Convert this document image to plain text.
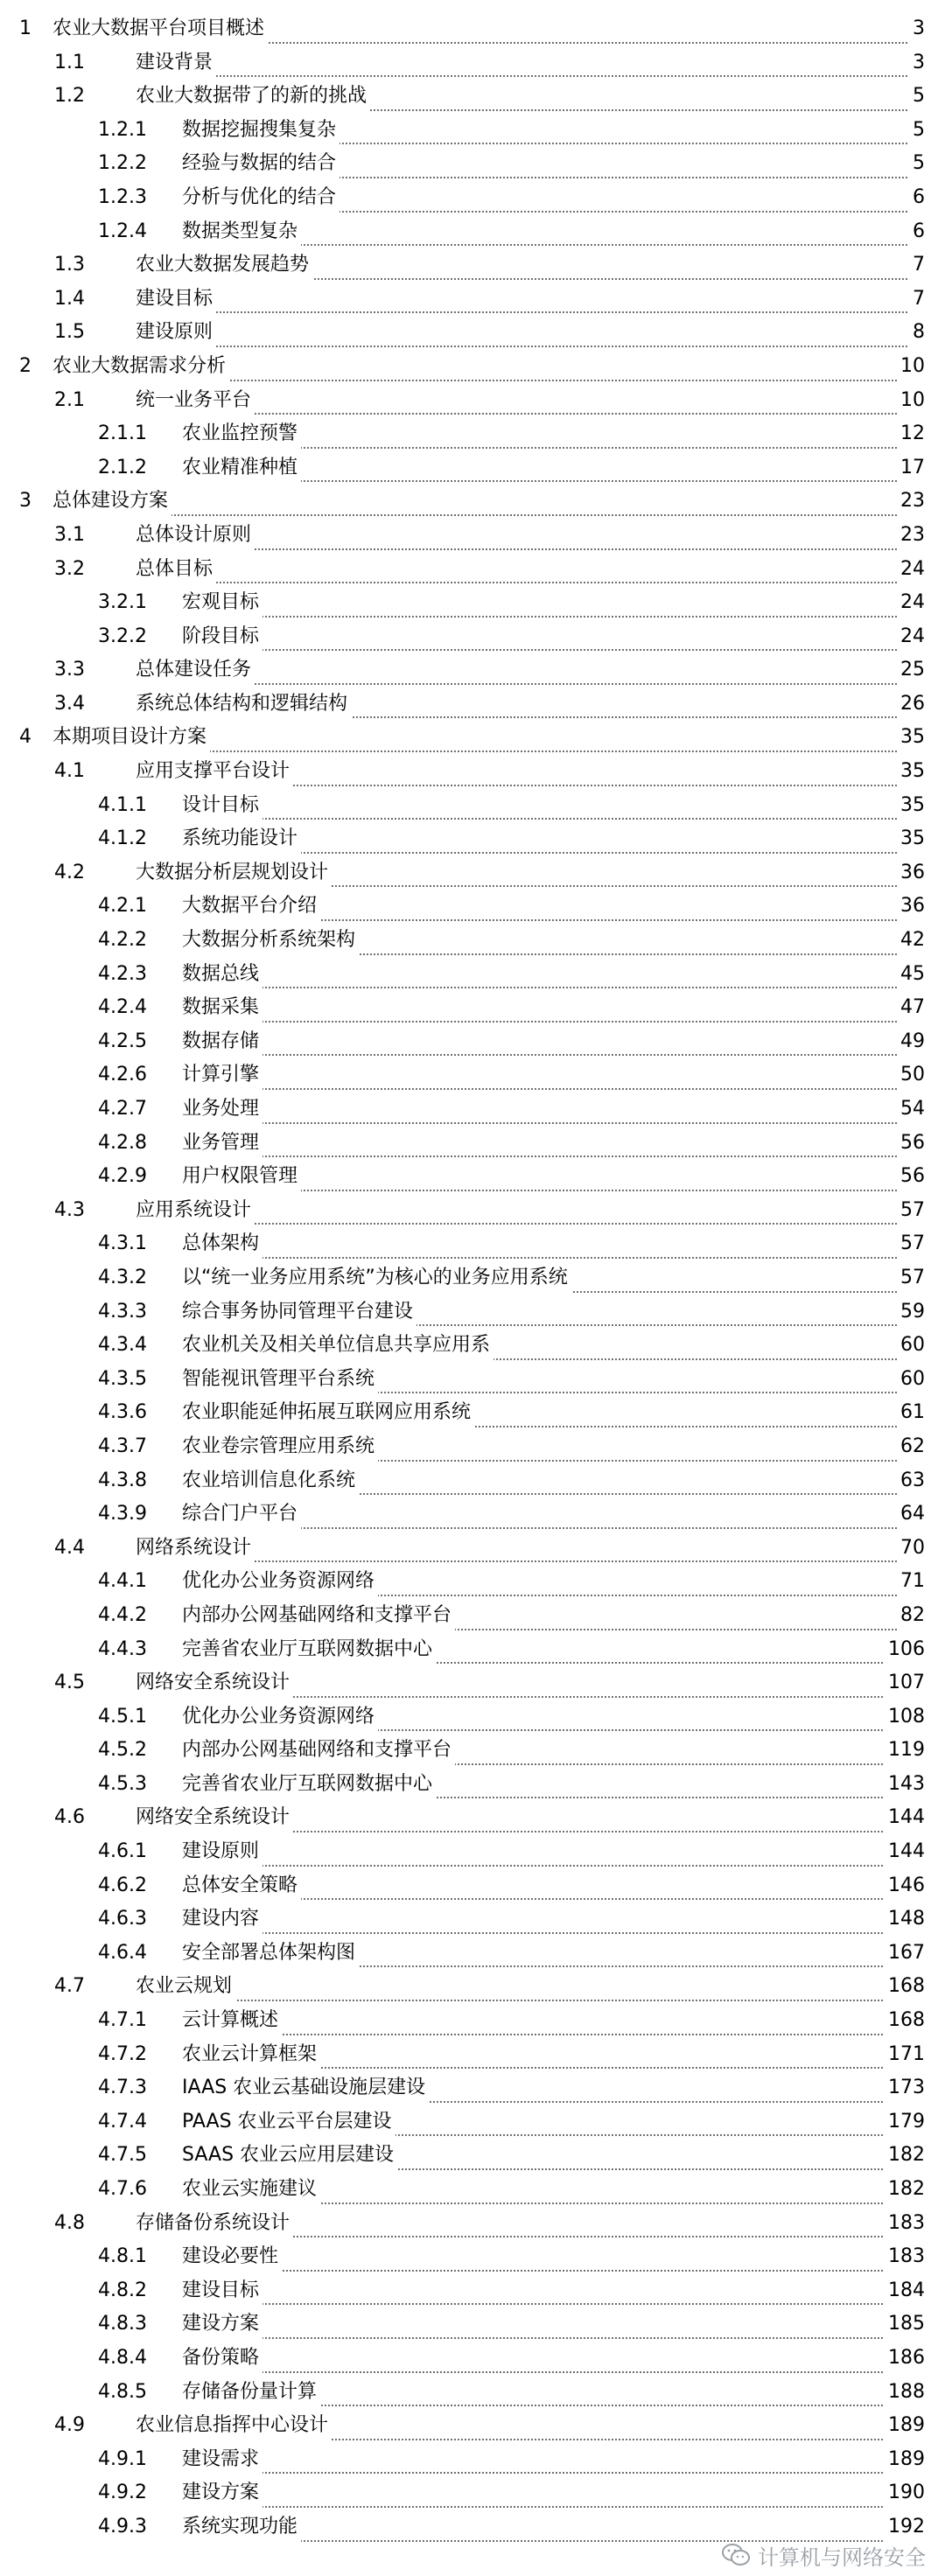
1 农业大数据平台项目概述	3
1.1	建设背景	3
1.2	农业大数据带了的新的挑战	5
1.2.1 数据挖掘搜集复杂	5
1.2.2 经验与数据的结合	5
1.2.3 分析与优化的结合	6
1.2.4 数据类型复杂	6
1.3	农业大数据发展趋势	7
1.4	建设目标	7
1.5	建设原则	8
2 农业大数据需求分析	10
2.1	统一业务平台	10
2.1.1 农业监控预警	12
2.1.2 农业精准种植	17
3 总体建设方案	23
3.1	总体设计原则	23
3.2	总体目标	24
3.2.1 宏观目标	24
3.2.2 阶段目标	24
3.3	总体建设任务	25
3.4	系统总体结构和逻辑结构	26
4 本期项目设计方案	35
4.1	应用支撑平台设计	35
4.1.1 设计目标	35
4.1.2 系统功能设计	35
4.2	大数据分析层规划设计	36
4.2.1 大数据平台介绍	36
4.2.2 大数据分析系统架构	42
4.2.3 数据总线	45
4.2.4 数据采集	47
4.2.5 数据存储	49
4.2.6 计算引擎	50
4.2.7 业务处理	54
4.2.8 业务管理	56
4.2.9 用户权限管理	56
4.3	应用系统设计	57
4.3.1 总体架构	57
4.3.2 以“统一业务应用系统”为核心的业务应用系统	57
4.3.3 综合事务协同管理平台建设	59
4.3.4 农业机关及相关单位信息共享应用系	60
4.3.5 智能视讯管理平台系统	60
4.3.6 农业职能延伸拓展互联网应用系统	61
4.3.7 农业卷宗管理应用系统	62
4.3.8 农业培训信息化系统	63
4.3.9 综合门户平台	64
4.4	网络系统设计	70
4.4.1 优化办公业务资源网络	71
4.4.2 内部办公网基础网络和支撑平台	82
4.4.3 完善省农业厅互联网数据中心	106
4.5	网络安全系统设计	107
4.5.1 优化办公业务资源网络	108
4.5.2 内部办公网基础网络和支撑平台	119
4.5.3 完善省农业厅互联网数据中心	143
4.6	网络安全系统设计	144
4.6.1 建设原则	144
4.6.2 总体安全策略	146
4.6.3 建设内容	148
4.6.4 安全部署总体架构图	167
4.7	农业云规划	168
4.7.1 云计算概述	168
4.7.2 农业云计算框架	171
4.7.3 IAAS 农业云基础设施层建设	173
4.7.4 PAAS 农业云平台层建设	179
4.7.5 SAAS 农业云应用层建设	182
4.7.6 农业云实施建议	182
4.8	存储备份系统设计	183
4.8.1 建设必要性	183
4.8.2 建设目标	184
4.8.3 建设方案	185
4.8.4 备份策略	186
4.8.5 存储备份量计算	188
4.9	农业信息指挥中心设计	189
4.9.1 建设需求	189
4.9.2 建设方案	190
4.9.3 系统实现功能	192
计算机与网络安全
